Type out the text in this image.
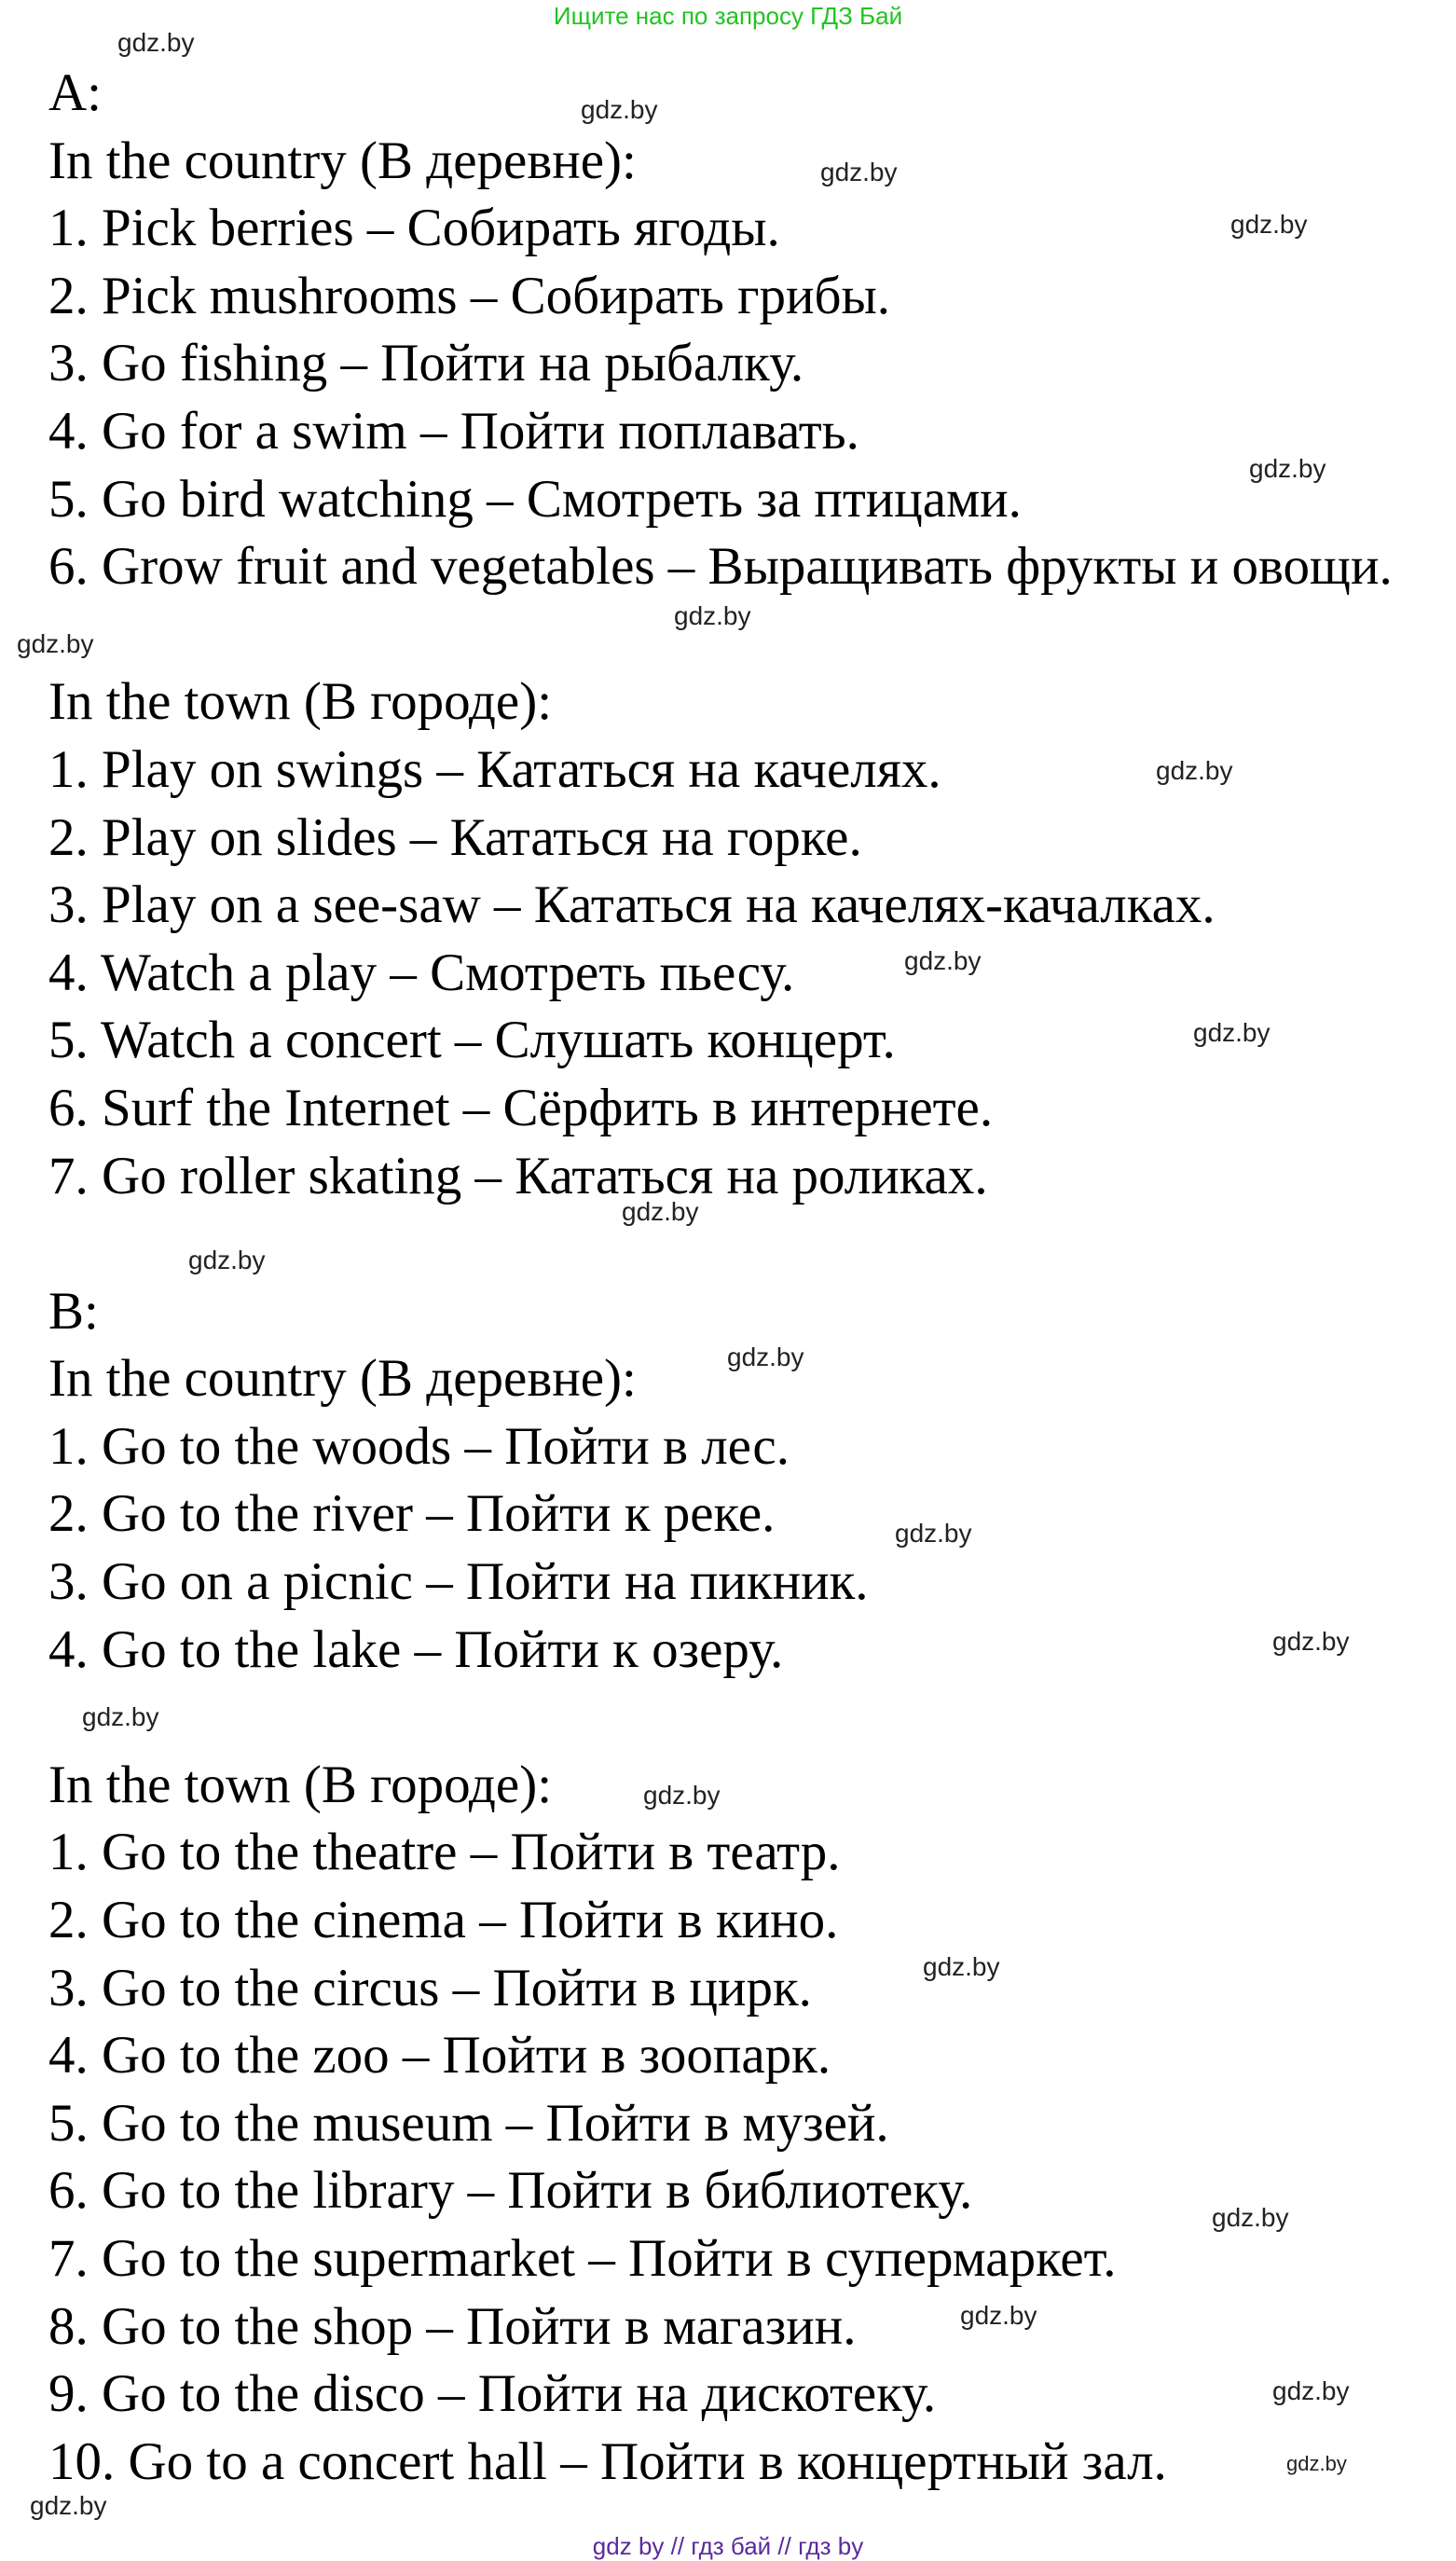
Ищите нас по запросу ГДЗ Бай
A:
In the country (В деревне):
1. Pick berries – Собирать ягоды.
2. Pick mushrooms – Собирать грибы.
3. Go fishing – Пойти на рыбалку.
4. Go for a swim – Пойти поплавать.
5. Go bird watching – Смотреть за птицами.
6. Grow fruit and vegetables – Выращивать фрукты и овощи.
In the town (В городе):
1. Play on swings – Кататься на качелях.
2. Play on slides – Кататься на горке.
3. Play on a see-saw – Кататься на качелях-качалках.
4. Watch a play – Смотреть пьесу.
5. Watch a concert – Слушать концерт.
6. Surf the Internet – Сёрфить в интернете.
7. Go roller skating – Кататься на роликах.
B:
In the country (В деревне):
1. Go to the woods – Пойти в лес.
2. Go to the river – Пойти к реке.
3. Go on a picnic – Пойти на пикник.
4. Go to the lake – Пойти к озеру.
In the town (В городе):
1. Go to the theatre – Пойти в театр.
2. Go to the cinema – Пойти в кино.
3. Go to the circus – Пойти в цирк.
4. Go to the zoo – Пойти в зоопарк.
5. Go to the museum – Пойти в музей.
6. Go to the library – Пойти в библиотеку.
7. Go to the supermarket – Пойти в супермаркет.
8. Go to the shop – Пойти в магазин.
9. Go to the disco – Пойти на дискотеку.
10. Go to a concert hall – Пойти в концертный зал.
gdz.by
gdz.by
gdz.by
gdz.by
gdz.by
gdz.by
gdz.by
gdz.by
gdz.by
gdz.by
gdz.by
gdz.by
gdz.by
gdz.by
gdz.by
gdz.by
gdz.by
gdz.by
gdz.by
gdz.by
gdz.by
gdz.by
gdz.by
gdz by // гдз бай // гдз by
